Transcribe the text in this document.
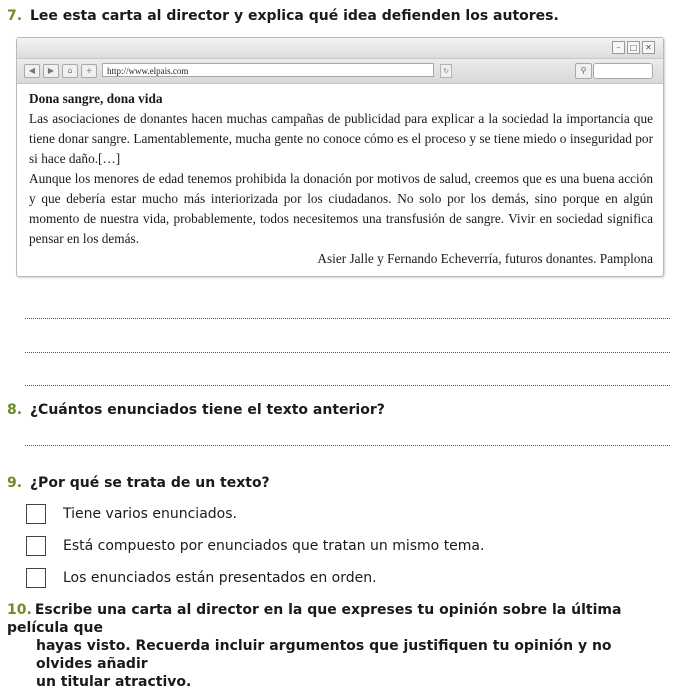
7. Lee esta carta al director y explica qué idea defienden los autores.
–	□ ✕
◀	▶	⌂	+	http://www.elpais.com	↻	⚲

Dona sangre, dona vida

Las asociaciones de donantes hacen muchas campañas de publicidad para explicar a la sociedad la importancia que tiene donar sangre. Lamentablemente, mucha gente no conoce cómo es el proceso y se tiene miedo o inseguridad por si hace daño.[…]

Aunque los menores de edad tenemos prohibida la donación por motivos de salud, creemos que es una buena acción y que debería estar mucho más interiorizada por los ciudadanos. No solo por los demás, sino porque en algún momento de nuestra vida, probablemente, todos necesitemos una transfusión de sangre. Vivir en sociedad significa pensar en los demás.

Asier Jalle y Fernando Echeverría, futuros donantes. Pamplona

8. ¿Cuántos enunciados tiene el texto anterior?
9. ¿Por qué se trata de un texto?
Tiene varios enunciados.
Está compuesto por enunciados que tratan un mismo tema.
Los enunciados están presentados en orden.
10. Escribe una carta al director en la que expreses tu opinión sobre la última película que
hayas visto. Recuerda incluir argumentos que justifiquen tu opinión y no olvides añadir
un titular atractivo.
